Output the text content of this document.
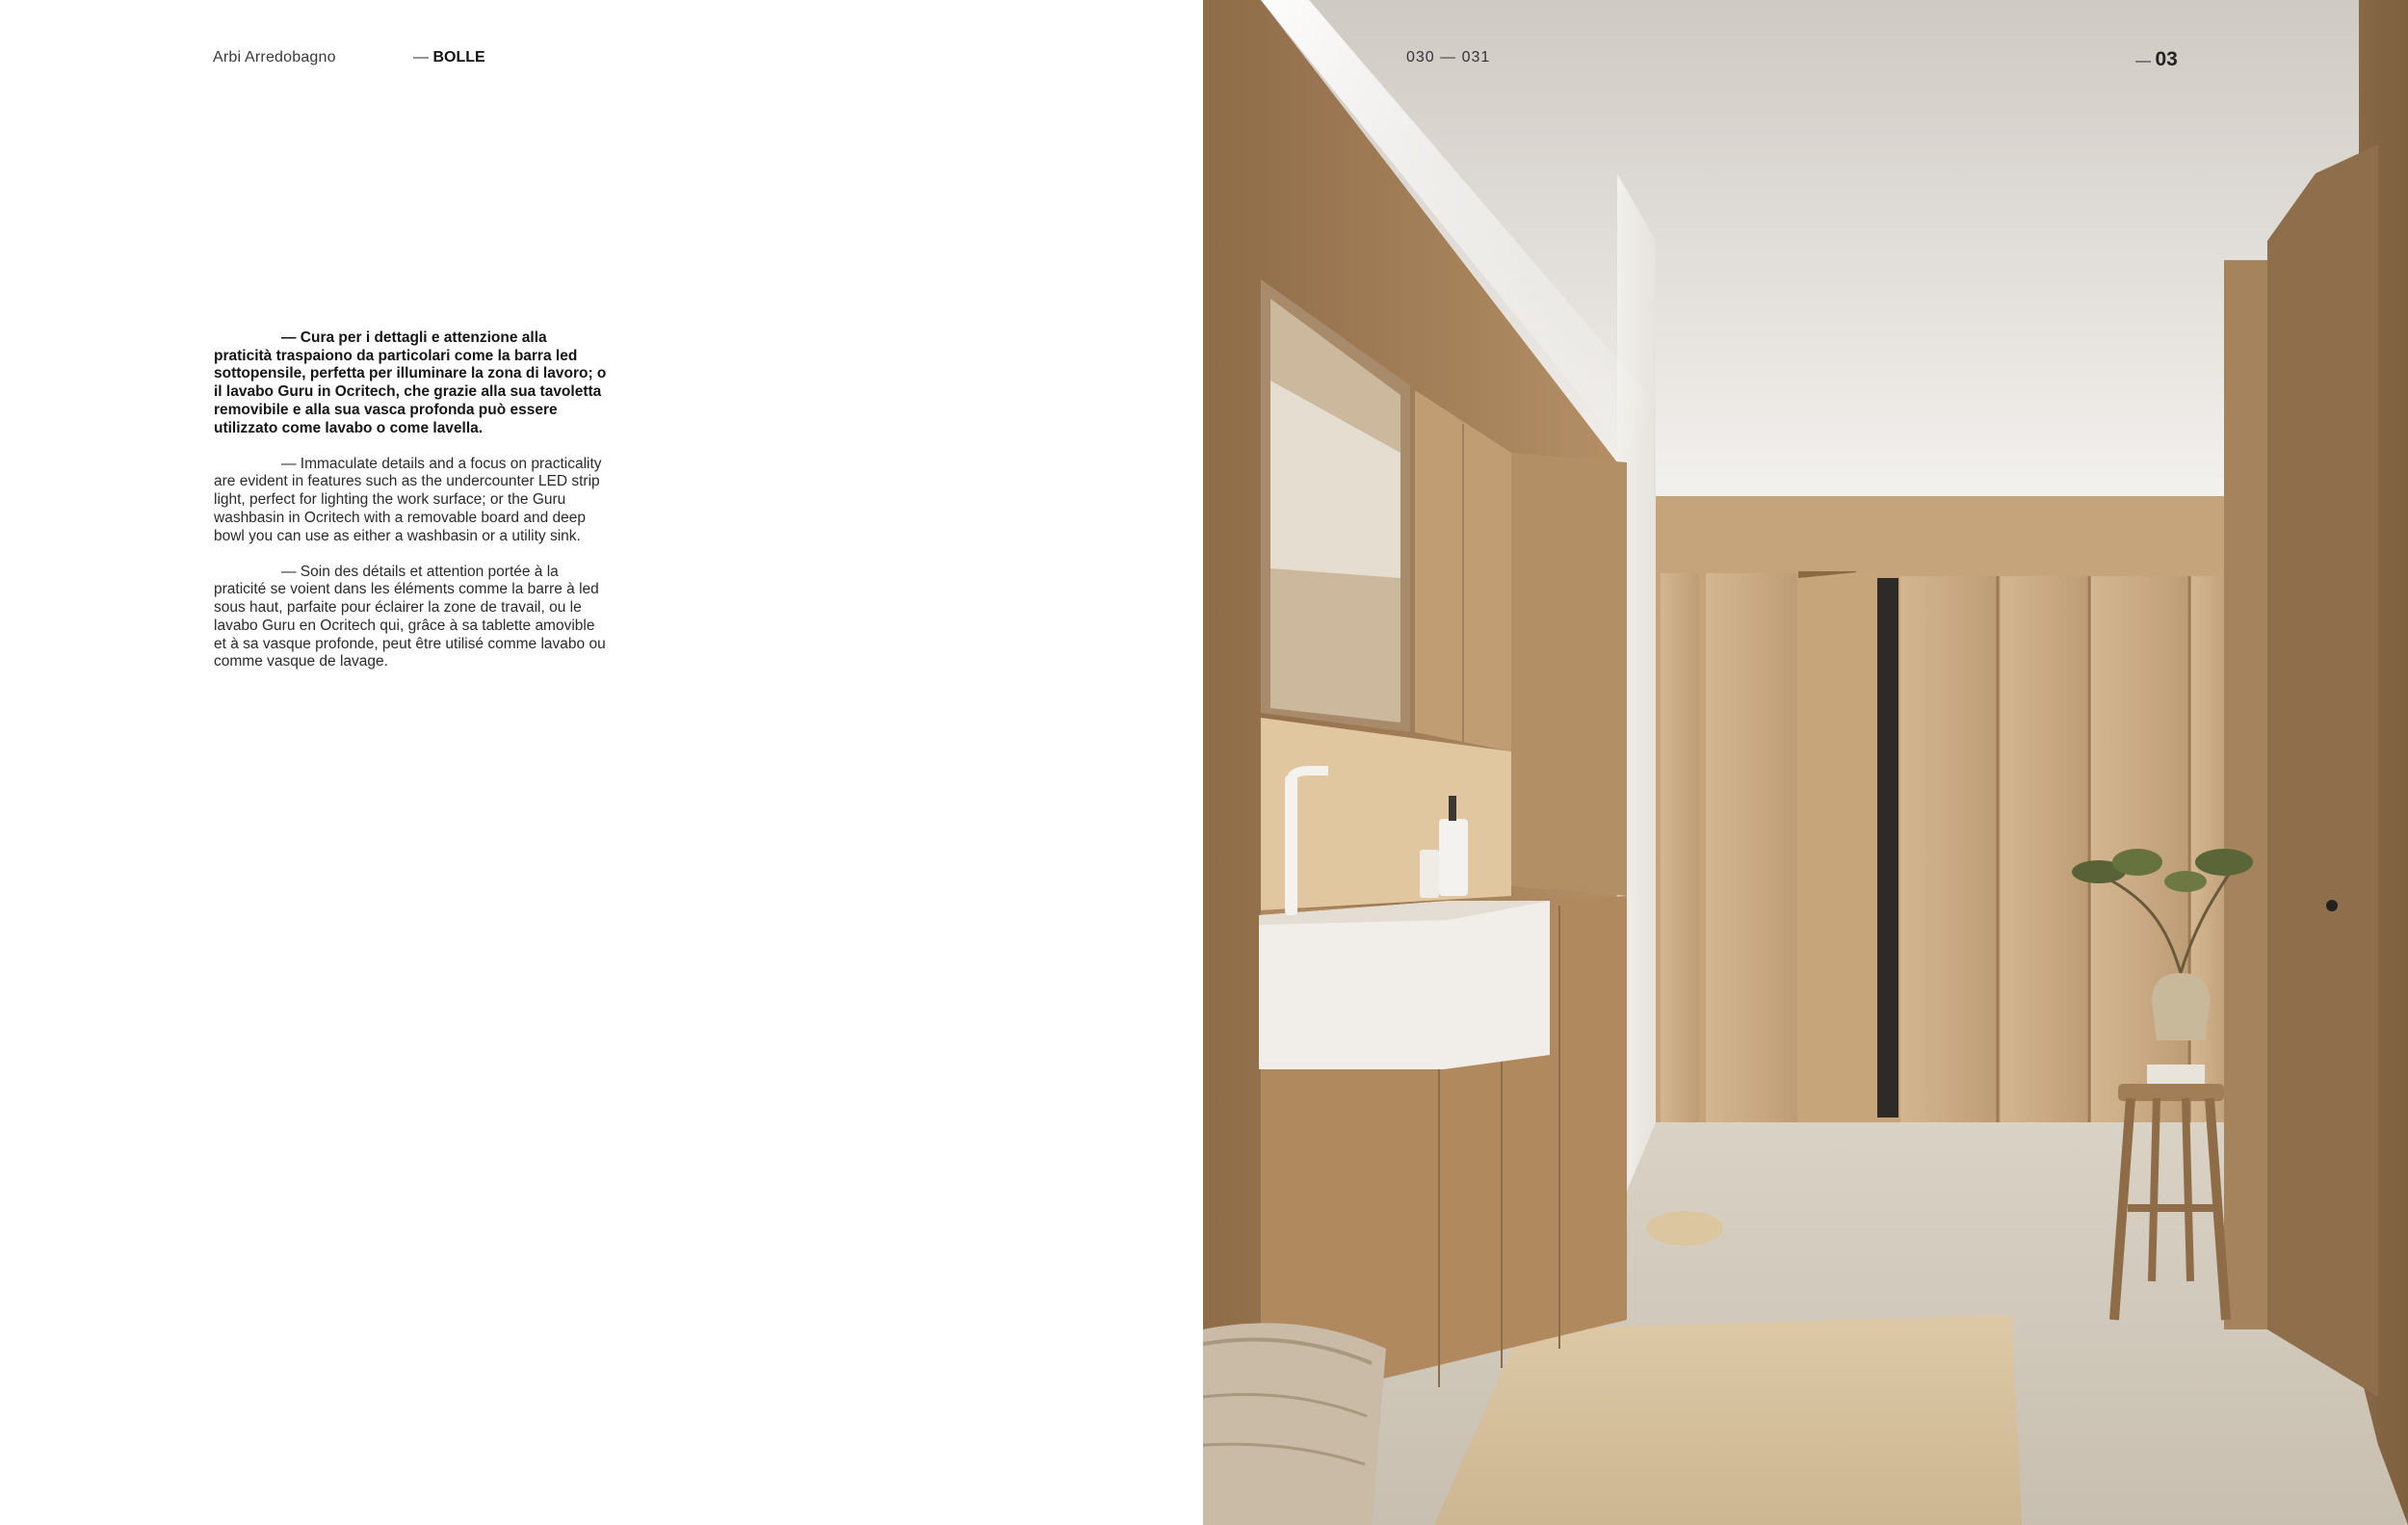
Arbi Arredobagno	— BOLLE

— Cura per i dettagli e attenzione alla praticità traspaiono da particolari come la barra led sottopensile, perfetta per illuminare la zona di lavoro; o il lavabo Guru in Ocritech, che grazie alla sua tavoletta removibile e alla sua vasca profonda può essere utilizzato come lavabo o come lavella.

— Immaculate details and a focus on practicality are evident in features such as the undercounter LED strip light, perfect for lighting the work surface; or the Guru washbasin in Ocritech with a removable board and deep bowl you can use as either a washbasin or a utility sink.

— Soin des détails et attention portée à la praticité se voient dans les éléments comme la barre à led sous haut, parfaite pour éclairer la zone de travail, ou le lavabo Guru en Ocritech qui, grâce à sa tablette amovible et à sa vasque profonde, peut être utilisé comme lavabo ou comme vasque de lavage.

030 — 031	— 03
